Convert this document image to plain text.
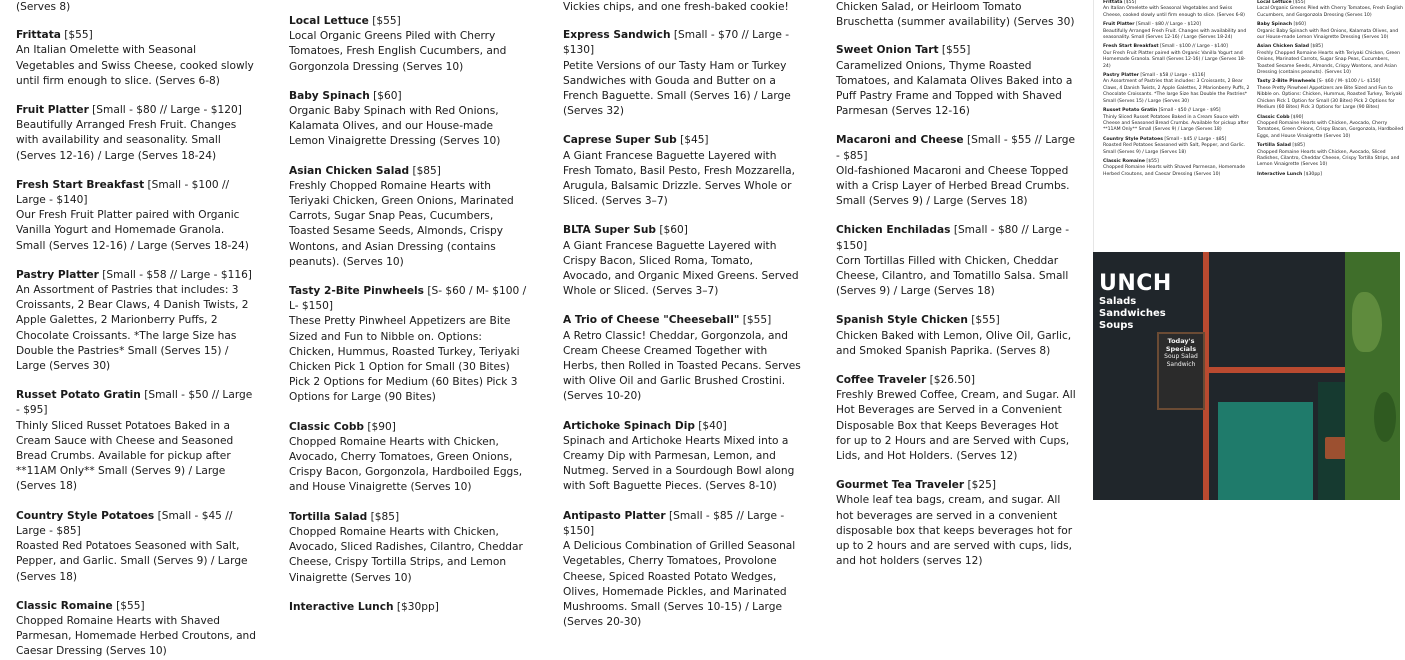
(Serves 8)
Frittata [$55]
An Italian Omelette with Seasonal Vegetables and Swiss Cheese, cooked slowly until firm enough to slice. (Serves 6-8)
Fruit Platter [Small - $80 // Large - $120]
Beautifully Arranged Fresh Fruit. Changes with availability and seasonality. Small (Serves 12-16) / Large (Serves 18-24)
Fresh Start Breakfast [Small - $100 // Large - $140]
Our Fresh Fruit Platter paired with Organic Vanilla Yogurt and Homemade Granola. Small (Serves 12-16) / Large (Serves 18-24)
Pastry Platter [Small - $58 // Large - $116]
An Assortment of Pastries that includes: 3 Croissants, 2 Bear Claws, 4 Danish Twists, 2 Apple Galettes, 2 Marionberry Puffs, 2 Chocolate Croissants. *The large Size has Double the Pastries* Small (Serves 15) / Large (Serves 30)
Russet Potato Gratin [Small - $50 // Large - $95]
Thinly Sliced Russet Potatoes Baked in a Cream Sauce with Cheese and Seasoned Bread Crumbs. Available for pickup after **11AM Only** Small (Serves 9) / Large (Serves 18)
Country Style Potatoes [Small - $45 // Large - $85]
Roasted Red Potatoes Seasoned with Salt, Pepper, and Garlic. Small (Serves 9) / Large (Serves 18)
Classic Romaine [$55]
Chopped Romaine Hearts with Shaved Parmesan, Homemade Herbed Croutons, and Caesar Dressing (Serves 10)
Local Lettuce [$55]
Local Organic Greens Piled with Cherry Tomatoes, Fresh English Cucumbers, and Gorgonzola Dressing (Serves 10)
Baby Spinach [$60]
Organic Baby Spinach with Red Onions, Kalamata Olives, and our House-made Lemon Vinaigrette Dressing (Serves 10)
Asian Chicken Salad [$85]
Freshly Chopped Romaine Hearts with Teriyaki Chicken, Green Onions, Marinated Carrots, Sugar Snap Peas, Cucumbers, Toasted Sesame Seeds, Almonds, Crispy Wontons, and Asian Dressing (contains peanuts). (Serves 10)
Tasty 2-Bite Pinwheels [S- $60 / M- $100 / L- $150]
These Pretty Pinwheel Appetizers are Bite Sized and Fun to Nibble on. Options: Chicken, Hummus, Roasted Turkey, Teriyaki Chicken Pick 1 Option for Small (30 Bites) Pick 2 Options for Medium (60 Bites) Pick 3 Options for Large (90 Bites)
Classic Cobb [$90]
Chopped Romaine Hearts with Chicken, Avocado, Cherry Tomatoes, Green Onions, Crispy Bacon, Gorgonzola, Hardboiled Eggs, and House Vinaigrette (Serves 10)
Tortilla Salad [$85]
Chopped Romaine Hearts with Chicken, Avocado, Sliced Radishes, Cilantro, Cheddar Cheese, Crispy Tortilla Strips, and Lemon Vinaigrette (Serves 10)
Interactive Lunch [$30pp]

Vickies chips, and one fresh-baked cookie!
Express Sandwich [Small - $70 // Large - $130]
Petite Versions of our Tasty Ham or Turkey Sandwiches with Gouda and Butter on a French Baguette. Small (Serves 16) / Large (Serves 32)
Caprese Super Sub [$45]
A Giant Francese Baguette Layered with Fresh Tomato, Basil Pesto, Fresh Mozzarella, Arugula, Balsamic Drizzle. Serves Whole or Sliced. (Serves 3–7)
BLTA Super Sub [$60]
A Giant Francese Baguette Layered with Crispy Bacon, Sliced Roma, Tomato, Avocado, and Organic Mixed Greens. Served Whole or Sliced. (Serves 3–7)
A Trio of Cheese "Cheeseball" [$55]
A Retro Classic! Cheddar, Gorgonzola, and Cream Cheese Creamed Together with Herbs, then Rolled in Toasted Pecans. Serves with Olive Oil and Garlic Brushed Crostini. (Serves 10-20)
Artichoke Spinach Dip [$40]
Spinach and Artichoke Hearts Mixed into a Creamy Dip with Parmesan, Lemon, and Nutmeg. Served in a Sourdough Bowl along with Soft Baguette Pieces. (Serves 8-10)
Antipasto Platter [Small - $85 // Large - $150]
A Delicious Combination of Grilled Seasonal Vegetables, Cherry Tomatoes, Provolone Cheese, Spiced Roasted Potato Wedges, Olives, Homemade Pickles, and Marinated Mushrooms. Small (Serves 10-15) / Large (Serves 20-30)
Chicken Salad, or Heirloom Tomato Bruschetta (summer availability) (Serves 30)
Sweet Onion Tart [$55]
Caramelized Onions, Thyme Roasted Tomatoes, and Kalamata Olives Baked into a Puff Pastry Frame and Topped with Shaved Parmesan (Serves 12-16)
Macaroni and Cheese [Small - $55 // Large - $85]
Old-fashioned Macaroni and Cheese Topped with a Crisp Layer of Herbed Bread Crumbs. Small (Serves 9) / Large (Serves 18)
Chicken Enchiladas [Small - $80 // Large - $150]
Corn Tortillas Filled with Chicken, Cheddar Cheese, Cilantro, and Tomatillo Salsa. Small (Serves 9) / Large (Serves 18)
Spanish Style Chicken [$55]
Chicken Baked with Lemon, Olive Oil, Garlic, and Smoked Spanish Paprika. (Serves 8)
Coffee Traveler [$26.50]
Freshly Brewed Coffee, Cream, and Sugar. All Hot Beverages are Served in a Convenient Disposable Box that Keeps Beverages Hot for up to 2 Hours and are Served with Cups, Lids, and Hot Holders. (Serves 12)
Gourmet Tea Traveler [$25]
Whole leaf tea bags, cream, and sugar. All hot beverages are served in a convenient disposable box that keeps beverages hot for up to 2 hours and are served with cups, lids, and hot holders (serves 12)
Frittata [$55]
An Italian Omelette with Seasonal Vegetables and Swiss Cheese, cooked slowly until firm enough to slice. (Serves 6-8)
Fruit Platter [Small - $80 // Large - $120]
Beautifully Arranged Fresh Fruit. Changes with availability and seasonality. Small (Serves 12-16) / Large (Serves 18-24)
Fresh Start Breakfast [Small - $100 // Large - $140]
Our Fresh Fruit Platter paired with Organic Vanilla Yogurt and Homemade Granola. Small (Serves 12-16) / Large (Serves 18-24)
Pastry Platter [Small - $58 // Large - $116]
An Assortment of Pastries that includes: 3 Croissants, 2 Bear Claws, 4 Danish Twists, 2 Apple Galettes, 2 Marionberry Puffs, 2 Chocolate Croissants. *The large Size has Double the Pastries* Small (Serves 15) / Large (Serves 30)
Russet Potato Gratin [Small - $50 // Large - $95]
Thinly Sliced Russet Potatoes Baked in a Cream Sauce with Cheese and Seasoned Bread Crumbs. Available for pickup after **11AM Only** Small (Serves 9) / Large (Serves 18)
Country Style Potatoes [Small - $45 // Large - $85]
Roasted Red Potatoes Seasoned with Salt, Pepper, and Garlic. Small (Serves 9) / Large (Serves 18)
Classic Romaine [$55]
Chopped Romaine Hearts with Shaved Parmesan, Homemade Herbed Croutons, and Caesar Dressing (Serves 10)
Local Lettuce [$55]
Local Organic Greens Piled with Cherry Tomatoes, Fresh English Cucumbers, and Gorgonzola Dressing (Serves 10)
Baby Spinach [$60]
Organic Baby Spinach with Red Onions, Kalamata Olives, and our House-made Lemon Vinaigrette Dressing (Serves 10)
Asian Chicken Salad [$85]
Freshly Chopped Romaine Hearts with Teriyaki Chicken, Green Onions, Marinated Carrots, Sugar Snap Peas, Cucumbers, Toasted Sesame Seeds, Almonds, Crispy Wontons, and Asian Dressing (contains peanuts). (Serves 10)
Tasty 2-Bite Pinwheels [S- $60 / M- $100 / L- $150]
These Pretty Pinwheel Appetizers are Bite Sized and Fun to Nibble on. Options: Chicken, Hummus, Roasted Turkey, Teriyaki Chicken Pick 1 Option for Small (30 Bites) Pick 2 Options for Medium (60 Bites) Pick 3 Options for Large (90 Bites)
Classic Cobb [$90]
Chopped Romaine Hearts with Chicken, Avocado, Cherry Tomatoes, Green Onions, Crispy Bacon, Gorgonzola, Hardboiled Eggs, and House Vinaigrette (Serves 10)
Tortilla Salad [$85]
Chopped Romaine Hearts with Chicken, Avocado, Sliced Radishes, Cilantro, Cheddar Cheese, Crispy Tortilla Strips, and Lemon Vinaigrette (Serves 10)
Interactive Lunch [$30pp]

UNCH
Salads
Sandwiches
Soups
Today's Specials
Soup Salad Sandwich
